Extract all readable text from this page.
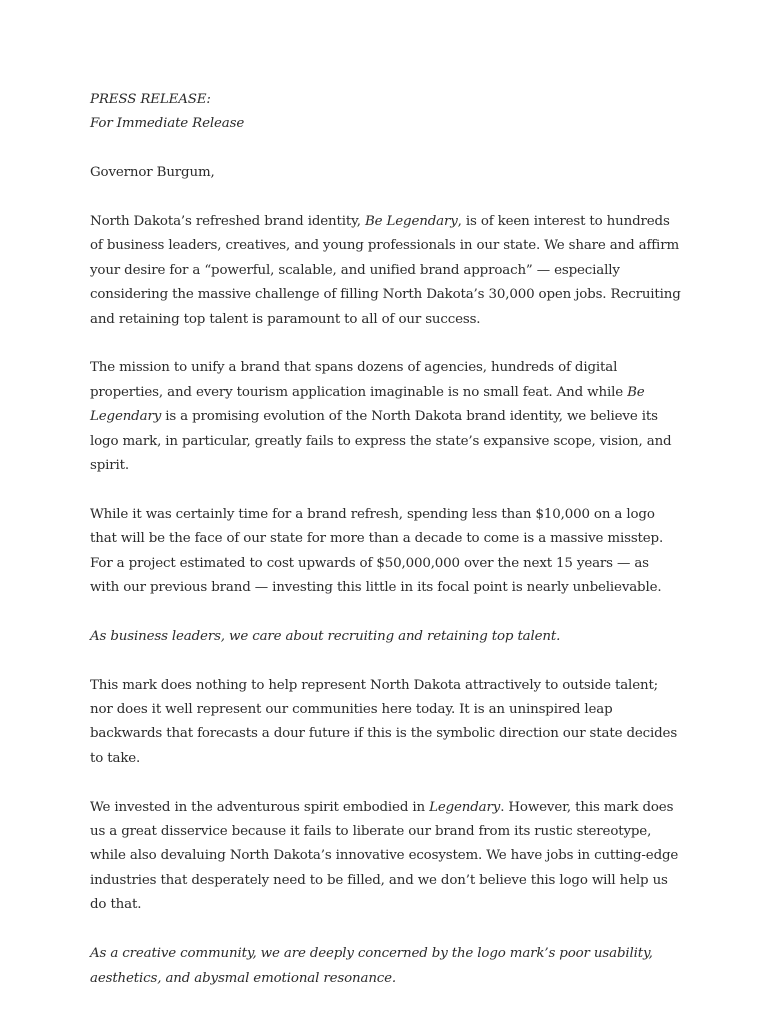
PRESS RELEASE:
For Immediate Release

Governor Burgum,

North Dakota’s refreshed brand identity, Be Legendary, is of keen interest to hundreds of business leaders, creatives, and young professionals in our state. We share and affirm your desire for a “powerful, scalable, and unified brand approach” — especially considering the massive challenge of filling North Dakota’s 30,000 open jobs. Recruiting and retaining top talent is paramount to all of our success.

The mission to unify a brand that spans dozens of agencies, hundreds of digital properties, and every tourism application imaginable is no small feat. And while Be Legendary is a promising evolution of the North Dakota brand identity, we believe its logo mark, in particular, greatly fails to express the state’s expansive scope, vision, and spirit.

While it was certainly time for a brand refresh, spending less than $10,000 on a logo that will be the face of our state for more than a decade to come is a massive misstep. For a project estimated to cost upwards of $50,000,000 over the next 15 years — as with our previous brand — investing this little in its focal point is nearly unbelievable.

As business leaders, we care about recruiting and retaining top talent.

This mark does nothing to help represent North Dakota attractively to outside talent; nor does it well represent our communities here today. It is an uninspired leap backwards that forecasts a dour future if this is the symbolic direction our state decides to take.

We invested in the adventurous spirit embodied in Legendary. However, this mark does us a great disservice because it fails to liberate our brand from its rustic stereotype, while also devaluing North Dakota’s innovative ecosystem. We have jobs in cutting-edge industries that desperately need to be filled, and we don’t believe this logo will help us do that.

As a creative community, we are deeply concerned by the logo mark’s poor usability, aesthetics, and abysmal emotional resonance.
